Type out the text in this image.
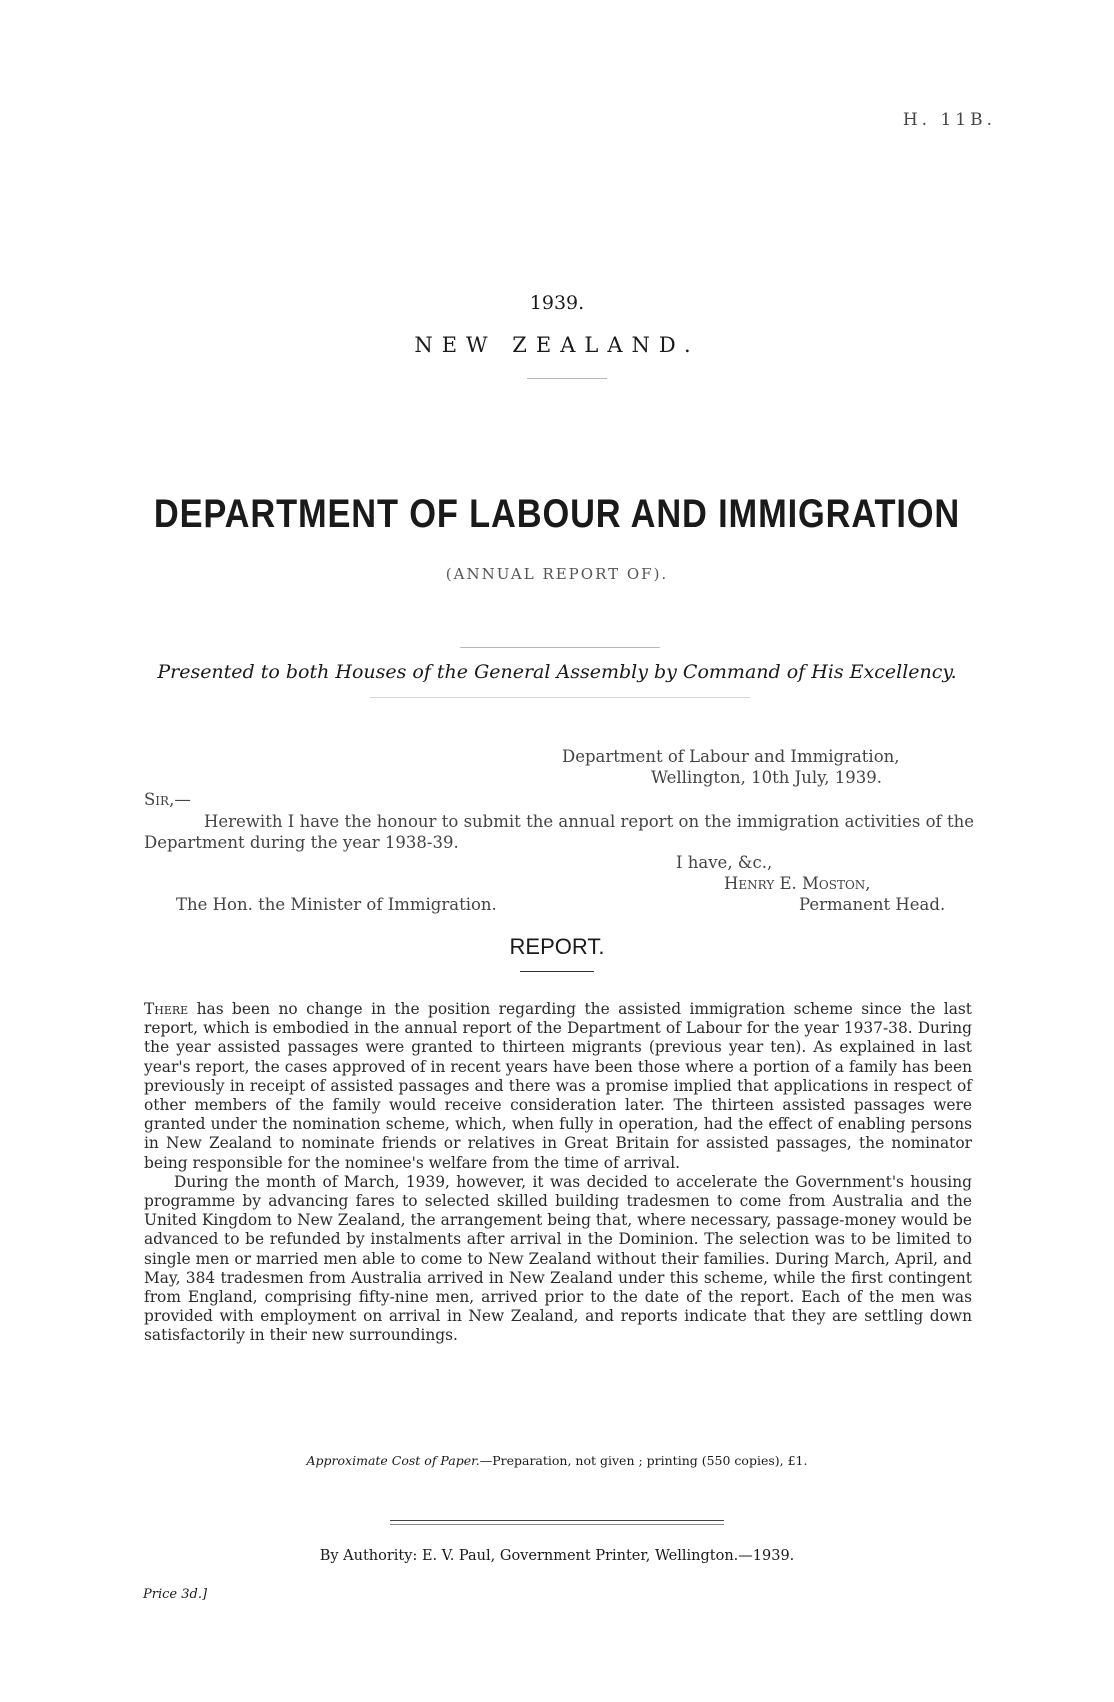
H. 11B.
1939.
NEW ZEALAND.
DEPARTMENT OF LABOUR AND IMMIGRATION
(ANNUAL REPORT OF).
Presented to both Houses of the General Assembly by Command of His Excellency.
Department of Labour and Immigration,
Wellington, 10th July, 1939.
Sir,—
Herewith I have the honour to submit the annual report on the immigration activities of the Department during the year 1938-39.
I have, &c.,
Henry E. Moston,
The Hon. the Minister of Immigration.	Permanent Head.
REPORT.

There has been no change in the position regarding the assisted immigration scheme since the last report, which is embodied in the annual report of the Department of Labour for the year 1937-38. During the year assisted passages were granted to thirteen migrants (previous year ten). As explained in last year's report, the cases approved of in recent years have been those where a portion of a family has been previously in receipt of assisted passages and there was a promise implied that applications in respect of other members of the family would receive consideration later. The thirteen assisted passages were granted under the nomination scheme, which, when fully in operation, had the effect of enabling persons in New Zealand to nominate friends or relatives in Great Britain for assisted passages, the nominator being responsible for the nominee's welfare from the time of arrival.

During the month of March, 1939, however, it was decided to accelerate the Government's housing programme by advancing fares to selected skilled building tradesmen to come from Australia and the United Kingdom to New Zealand, the arrangement being that, where necessary, passage-money would be advanced to be refunded by instalments after arrival in the Dominion. The selection was to be limited to single men or married men able to come to New Zealand without their families. During March, April, and May, 384 tradesmen from Australia arrived in New Zealand under this scheme, while the first contingent from England, comprising fifty-nine men, arrived prior to the date of the report. Each of the men was provided with employment on arrival in New Zealand, and reports indicate that they are settling down satisfactorily in their new surroundings.

Approximate Cost of Paper.—Preparation, not given ; printing (550 copies), £1.
By Authority: E. V. Paul, Government Printer, Wellington.—1939.
Price 3d.]
